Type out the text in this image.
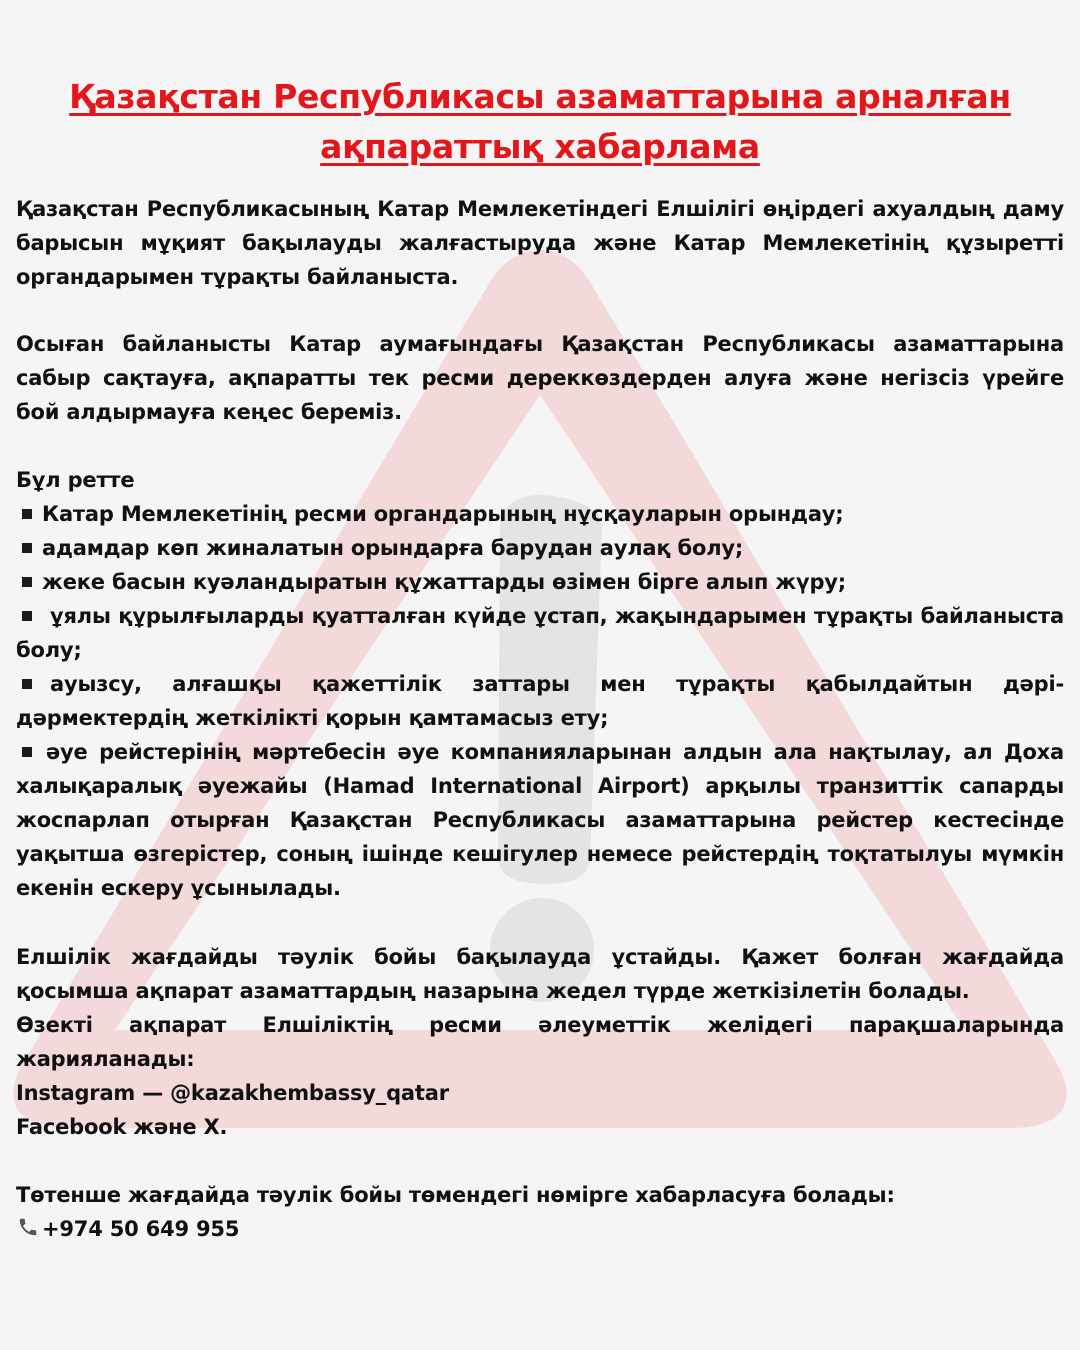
Қазақстан Республикасы азаматтарына арналған
ақпараттық хабарлама

Қазақстан Республикасының Катар Мемлекетіндегі Елшілігі өңірдегі ахуалдың даму барысын мұқият бақылауды жалғастыруда және Катар Мемлекетінің құзыретті органдарымен тұрақты байланыста.

Осыған байланысты Катар аумағындағы Қазақстан Республикасы азаматтарына сабыр сақтауға, ақпаратты тек ресми дереккөздерден алуға және негізсіз үрейге бой алдырмауға кеңес береміз.

Бұл ретте
Катар Мемлекетінің ресми органдарының нұсқауларын орындау;
адамдар көп жиналатын орындарға барудан аулақ болу;
жеке басын куәландыратын құжаттарды өзімен бірге алып жүру;
ұялы құрылғыларды қуатталған күйде ұстап, жақындарымен тұрақты байланыста болу;
ауызсу, алғашқы қажеттілік заттары мен тұрақты қабылдайтын дәрі-дәрмектердің жеткілікті қорын қамтамасыз ету;
әуе рейстерінің мәртебесін әуе компанияларынан алдын ала нақтылау, ал Доха халықаралық әуежайы (Hamad International Airport) арқылы транзиттік сапарды жоспарлап отырған Қазақстан Республикасы азаматтарына рейстер кестесінде уақытша өзгерістер, соның ішінде кешігулер немесе рейстердің тоқтатылуы мүмкін екенін ескеру ұсынылады.
Елшілік жағдайды тәулік бойы бақылауда ұстайды. Қажет болған жағдайда қосымша ақпарат азаматтардың назарына жедел түрде жеткізілетін болады.
Өзекті ақпарат Елшіліктің ресми әлеуметтік желідегі парақшаларында жарияланады:
Instagram — @kazakhembassy_qatar
Facebook және X.
Төтенше жағдайда тәулік бойы төмендегі нөмірге хабарласуға болады:
+974 50 649 955
